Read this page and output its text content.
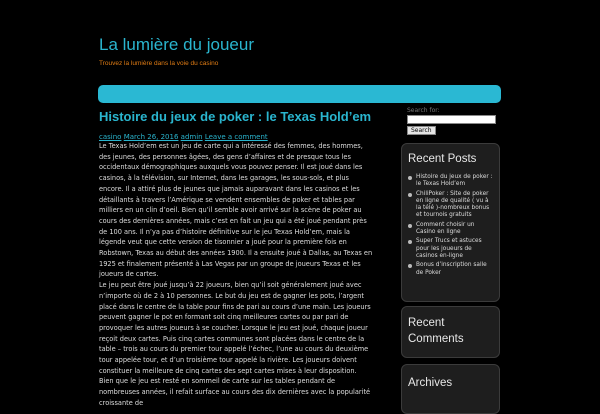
La lumière du joueur

Trouvez la lumière dans la voie du casino

Histoire du jeux de poker : le Texas Hold’em
casino March 26, 2016 admin Leave a comment

Le Texas Hold’em est un jeu de carte qui a intéressé des femmes, des hommes, des jeunes, des personnes âgées, des gens d’affaires et de presque tous les occidentaux démographiques auxquels vous pouvez penser. Il est joué dans les casinos, à la télévision, sur Internet, dans les garages, les sous-sols, et plus encore. Il a attiré plus de jeunes que jamais auparavant dans les casinos et les détaillants à travers l’Amérique se vendent ensembles de poker et tables par milliers en un clin d’oeil. Bien qu’il semble avoir arrivé sur la scène de poker au cours des dernières années, mais c’est en fait un jeu qui a été joué pendant près de 100 ans. Il n’ya pas d’histoire définitive sur le jeu Texas Hold’em, mais la légende veut que cette version de tisonnier a joué pour la première fois en Robstown, Texas au début des années 1900. Il a ensuite joué à Dallas, au Texas en 1925 et finalement présenté à Las Vegas par un groupe de joueurs Texas et les joueurs de cartes.

Le jeu peut être joué jusqu’à 22 joueurs, bien qu’il soit généralement joué avec n’importe où de 2 à 10 personnes. Le but du jeu est de gagner les pots, l’argent placé dans le centre de la table pour fins de pari au cours d’une main. Les joueurs peuvent gagner le pot en formant soit cinq meilleures cartes ou par pari de provoquer les autres joueurs à se coucher. Lorsque le jeu est joué, chaque joueur reçoit deux cartes. Puis cinq cartes communes sont placées dans le centre de la table – trois au cours du premier tour appelé l’échec, l’une au cours du deuxième tour appelée tour, et d’un troisième tour appelé la rivière. Les joueurs doivent constituer la meilleure de cinq cartes des sept cartes mises à leur disposition. Bien que le jeu est resté en sommeil de carte sur les tables pendant de nombreuses années, il refait surface au cours des dix dernières avec la popularité croissante de

Search for:
Search
Recent Posts
Histoire du jeux de poker : le Texas Hold’em
ChiliPoker : Site de poker en ligne de qualité ( vu à la télé )-nombreux bonus et tournois gratuits
Comment choisir un Casino en ligne
Super Trucs et astuces pour les joueurs de casinos en-ligne
Bonus d’inscription salle de Poker
Recent Comments
Archives
